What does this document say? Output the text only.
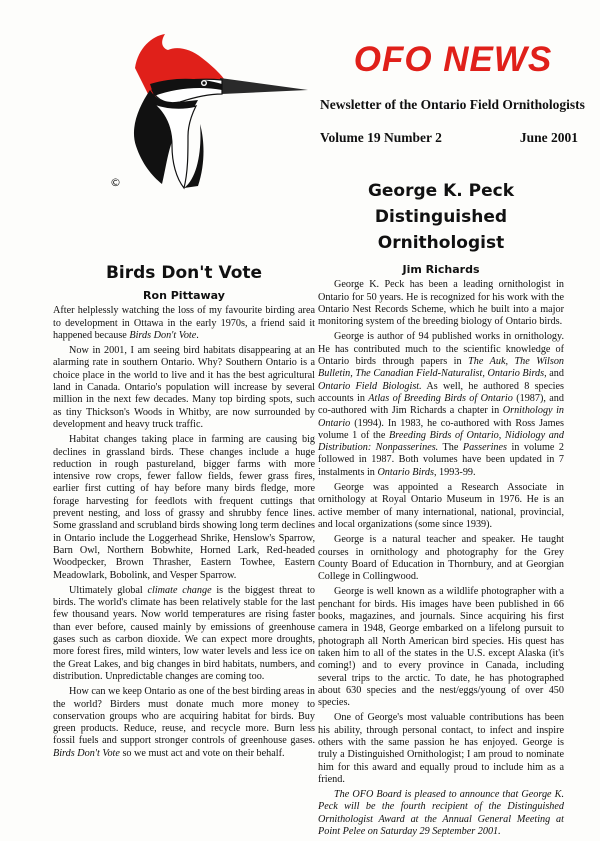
©
OFO NEWS
Newsletter of the Ontario Field Ornithologists
Volume 19 Number 2	June 2001
Birds Don't Vote
Ron Pittaway

After helplessly watching the loss of my favourite birding area to development in Ottawa in the early 1970s, a friend said it happened because Birds Don't Vote.

Now in 2001, I am seeing bird habitats disappearing at an alarming rate in southern Ontario. Why? Southern Ontario is a choice place in the world to live and it has the best agricultural land in Canada. Ontario's population will increase by several million in the next few decades. Many top birding spots, such as tiny Thickson's Woods in Whitby, are now surrounded by development and heavy truck traffic.

Habitat changes taking place in farming are causing big declines in grassland birds. These changes include a huge reduction in rough pastureland, bigger farms with more intensive row crops, fewer fallow fields, fewer grass fires, earlier first cutting of hay before many birds fledge, more forage harvesting for feedlots with frequent cuttings that prevent nesting, and loss of grassy and shrubby fence lines. Some grassland and scrubland birds showing long term declines in Ontario include the Loggerhead Shrike, Henslow's Sparrow, Barn Owl, Northern Bobwhite, Horned Lark, Red-headed Woodpecker, Brown Thrasher, Eastern Towhee, Eastern Meadowlark, Bobolink, and Vesper Sparrow.

Ultimately global climate change is the biggest threat to birds. The world's climate has been relatively stable for the last few thousand years. Now world temperatures are rising faster than ever before, caused mainly by emissions of greenhouse gases such as carbon dioxide. We can expect more droughts, more forest fires, mild winters, low water levels and less ice on the Great Lakes, and big changes in bird habitats, numbers, and distribution. Unpredictable changes are coming too.

How can we keep Ontario as one of the best birding areas in the world? Birders must donate much more money to conservation groups who are acquiring habitat for birds. Buy green products. Reduce, reuse, and recycle more. Burn less fossil fuels and support stronger controls of greenhouse gases. Birds Don't Vote so we must act and vote on their behalf.

George K. Peck
Distinguished Ornithologist
Jim Richards

George K. Peck has been a leading ornithologist in Ontario for 50 years. He is recognized for his work with the Ontario Nest Records Scheme, which he built into a major monitoring system of the breeding biology of Ontario birds.

George is author of 94 published works in ornithology. He has contributed much to the scientific knowledge of Ontario birds through papers in The Auk, The Wilson Bulletin, The Canadian Field-Naturalist, Ontario Birds, and Ontario Field Biologist. As well, he authored 8 species accounts in Atlas of Breeding Birds of Ontario (1987), and co-authored with Jim Richards a chapter in Ornithology in Ontario (1994). In 1983, he co-authored with Ross James volume 1 of the Breeding Birds of Ontario, Nidiology and Distribution: Nonpasserines. The Passerines in volume 2 followed in 1987. Both volumes have been updated in 7 instalments in Ontario Birds, 1993-99.

George was appointed a Research Associate in ornithology at Royal Ontario Museum in 1976. He is an active member of many international, national, provincial, and local organizations (some since 1939).

George is a natural teacher and speaker. He taught courses in ornithology and photography for the Grey County Board of Education in Thornbury, and at Georgian College in Collingwood.

George is well known as a wildlife photographer with a penchant for birds. His images have been published in 66 books, magazines, and journals. Since acquiring his first camera in 1948, George embarked on a lifelong pursuit to photograph all North American bird species. His quest has taken him to all of the states in the U.S. except Alaska (it's coming!) and to every province in Canada, including several trips to the arctic. To date, he has photographed about 630 species and the nest/eggs/young of over 450 species.

One of George's most valuable contributions has been his ability, through personal contact, to infect and inspire others with the same passion he has enjoyed. George is truly a Distinguished Ornithologist; I am proud to nominate him for this award and equally proud to include him as a friend.

The OFO Board is pleased to announce that George K. Peck will be the fourth recipient of the Distinguished Ornithologist Award at the Annual General Meeting at Point Pelee on Saturday 29 September 2001.
